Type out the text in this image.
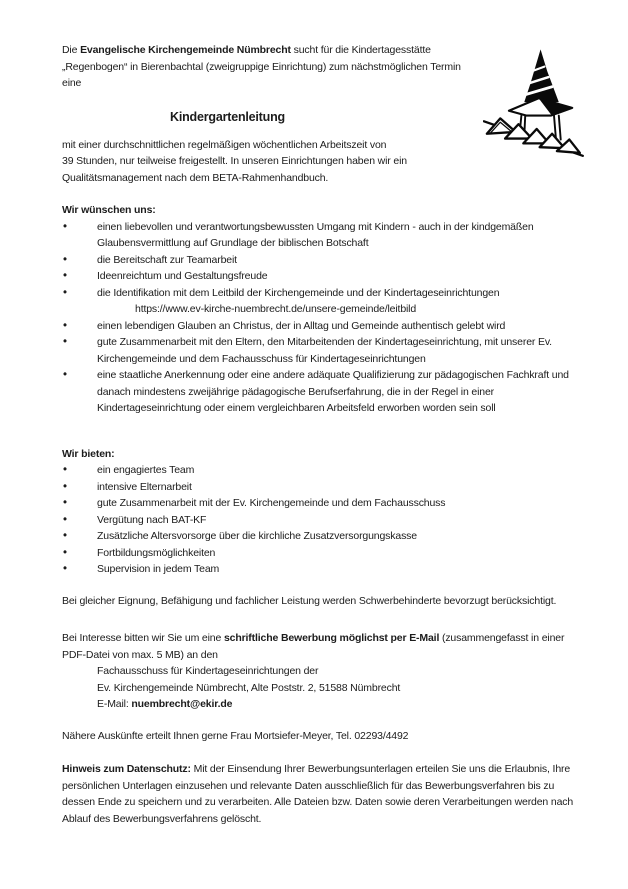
Die Evangelische Kirchengemeinde Nümbrecht sucht für die Kindertagesstätte „Regenbogen“ in Bierenbachtal (zweigruppige Einrichtung) zum nächstmöglichen Termin eine

Kindergartenleitung

mit einer durchschnittlichen regelmäßigen wöchentlichen Arbeitszeit von
39 Stunden, nur teilweise freigestellt. In unseren Einrichtungen haben wir ein Qualitätsmanagement nach dem BETA-Rahmenhandbuch.

Wir wünschen uns:
• einen liebevollen und verantwortungsbewussten Umgang mit Kindern - auch in der kindgemäßen Glaubensvermittlung auf Grundlage der biblischen Botschaft
• die Bereitschaft zur Teamarbeit
• Ideenreichtum und Gestaltungsfreude
• die Identifikation mit dem Leitbild der Kirchengemeinde und der Kindertageseinrichtungen
https://www.ev-kirche-nuembrecht.de/unsere-gemeinde/leitbild
• einen lebendigen Glauben an Christus, der in Alltag und Gemeinde authentisch gelebt wird
• gute Zusammenarbeit mit den Eltern, den Mitarbeitenden der Kindertageseinrichtung, mit unserer Ev. Kirchengemeinde und dem Fachausschuss für Kindertageseinrichtungen
• eine staatliche Anerkennung oder eine andere adäquate Qualifizierung zur pädagogischen Fachkraft und danach mindestens zweijährige pädagogische Berufserfahrung, die in der Regel in einer Kindertageseinrichtung oder einem vergleichbaren Arbeitsfeld erworben worden sein soll
Wir bieten:
• ein engagiertes Team
• intensive Elternarbeit
• gute Zusammenarbeit mit der Ev. Kirchengemeinde und dem Fachausschuss
• Vergütung nach BAT-KF
• Zusätzliche Altersvorsorge über die kirchliche Zusatzversorgungskasse
• Fortbildungsmöglichkeiten
• Supervision in jedem Team

Bei gleicher Eignung, Befähigung und fachlicher Leistung werden Schwerbehinderte bevorzugt berücksichtigt.

Bei Interesse bitten wir Sie um eine schriftliche Bewerbung möglichst per E-Mail (zusammengefasst in einer PDF-Datei von max. 5 MB) an den

Fachausschuss für Kindertageseinrichtungen der
Ev. Kirchengemeinde Nümbrecht, Alte Poststr. 2, 51588 Nümbrecht
E-Mail: nuembrecht@ekir.de

Nähere Auskünfte erteilt Ihnen gerne Frau Mortsiefer-Meyer, Tel. 02293/4492

Hinweis zum Datenschutz: Mit der Einsendung Ihrer Bewerbungsunterlagen erteilen Sie uns die Erlaubnis, Ihre persönlichen Unterlagen einzusehen und relevante Daten ausschließlich für das Bewerbungsverfahren bis zu dessen Ende zu speichern und zu verarbeiten. Alle Dateien bzw. Daten sowie deren Verarbeitungen werden nach Ablauf des Bewerbungsverfahrens gelöscht.
